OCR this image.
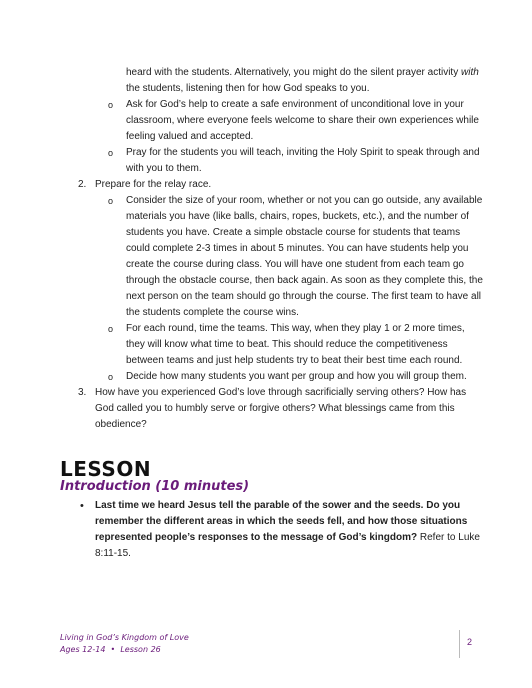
heard with the students. Alternatively, you might do the silent prayer activity with
the students, listening then for how God speaks to you.
o Ask for God’s help to create a safe environment of unconditional love in your
classroom, where everyone feels welcome to share their own experiences while
feeling valued and accepted.
o Pray for the students you will teach, inviting the Holy Spirit to speak through and
with you to them.
2. Prepare for the relay race.
o Consider the size of your room, whether or not you can go outside, any available
materials you have (like balls, chairs, ropes, buckets, etc.), and the number of
students you have. Create a simple obstacle course for students that teams
could complete 2-3 times in about 5 minutes. You can have students help you
create the course during class. You will have one student from each team go
through the obstacle course, then back again. As soon as they complete this, the
next person on the team should go through the course. The first team to have all
the students complete the course wins.
o For each round, time the teams. This way, when they play 1 or 2 more times,
they will know what time to beat. This should reduce the competitiveness
between teams and just help students try to beat their best time each round.
o Decide how many students you want per group and how you will group them.
3. How have you experienced God’s love through sacrificially serving others? How has
God called you to humbly serve or forgive others? What blessings came from this
obedience?
LESSON
Introduction (10 minutes)
• Last time we heard Jesus tell the parable of the sower and the seeds. Do you
remember the different areas in which the seeds fell, and how those situations
represented people’s responses to the message of God’s kingdom? Refer to Luke
8:11-15.
Living in God’s Kingdom of Love
Ages 12-14 • Lesson 26
2
